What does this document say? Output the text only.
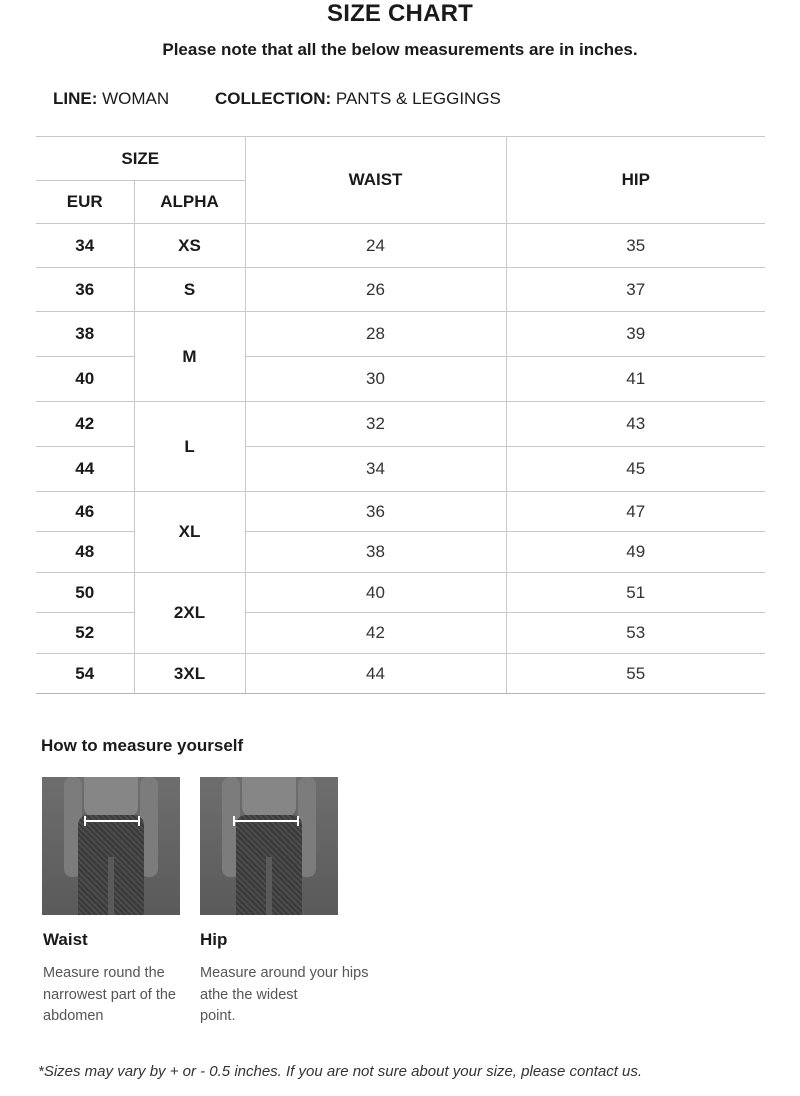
SIZE CHART
Please note that all the below measurements are in inches.
LINE: WOMAN	COLLECTION: PANTS & LEGGINGS
SIZE		WAIST	HIP
EUR	ALPHA		
34	XS	24	35
36	S	26	37
38	M	28	39
40		30	41
42	L	32	43
44		34	45
46	XL	36	47
48		38	49
50	2XL	40	51
52		42	53
54	3XL	44	55
How to measure yourself
Waist
Measure round the
narrowest part of the
abdomen
Hip
Measure around your hips
athe the widest
point.
*Sizes may vary by + or - 0.5 inches. If you are not sure about your size, please contact us.
